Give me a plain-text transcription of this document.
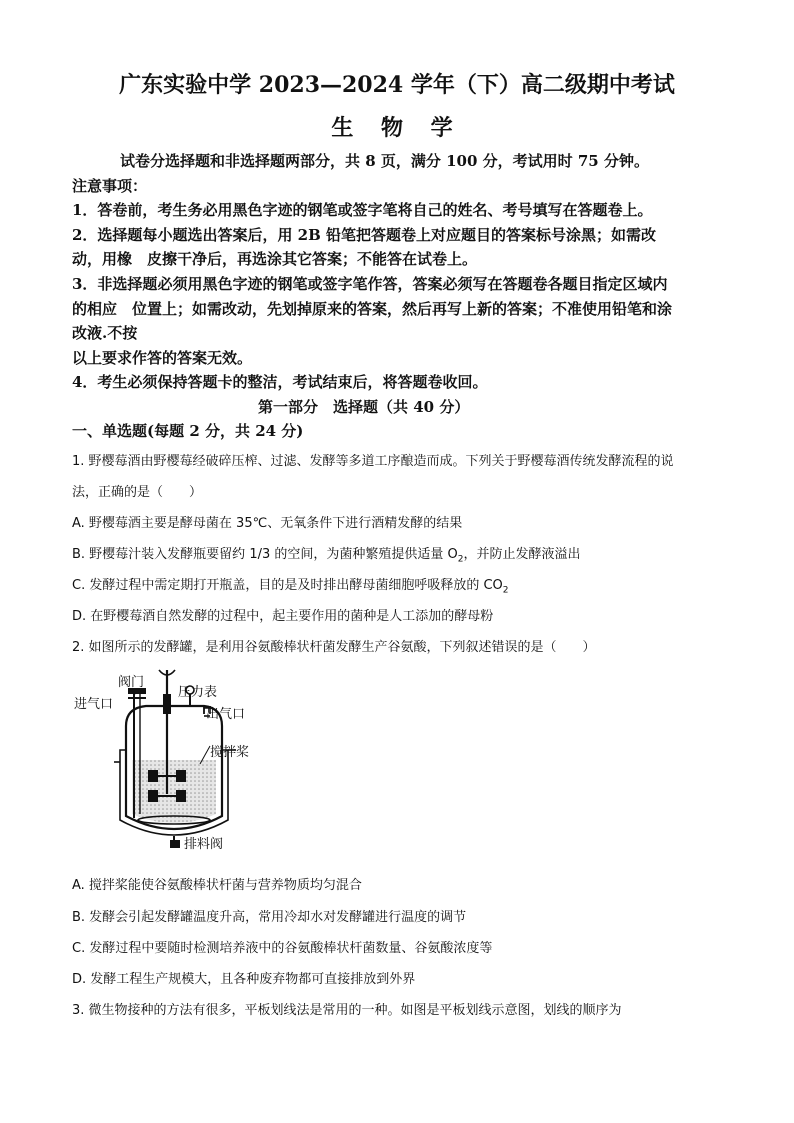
广东实验中学 2023—2024 学年（下）高二级期中考试
生 物 学
试卷分选择题和非选择题两部分，共 8 页，满分 100 分，考试用时 75 分钟。
注意事项：
1．答卷前，考生务必用黑色字迹的钢笔或签字笔将自己的姓名、考号填写在答题卷上。
2．选择题每小题选出答案后，用 2B 铅笔把答题卷上对应题目的答案标号涂黑；如需改
动，用橡　皮擦干净后，再选涂其它答案；不能答在试卷上。
3．非选择题必须用黑色字迹的钢笔或签字笔作答，答案必须写在答题卷各题目指定区域内
的相应　位置上；如需改动，先划掉原来的答案，然后再写上新的答案；不准使用铅笔和涂
改液.不按
以上要求作答的答案无效。
4．考生必须保持答题卡的整洁，考试结束后，将答题卷收回。
第一部分　选择题（共 40 分）
一、单选题(每题 2 分，共 24 分)
1. 野樱莓酒由野樱莓经破碎压榨、过滤、发酵等多道工序酿造而成。下列关于野樱莓酒传统发酵流程的说
法，正确的是（　　）
A. 野樱莓酒主要是酵母菌在 35℃、无氧条件下进行酒精发酵的结果
B. 野樱莓汁装入发酵瓶要留约 1/3 的空间，为菌种繁殖提供适量 $O_2$，并防止发酵液溢出
C. 发酵过程中需定期打开瓶盖，目的是及时排出酵母菌细胞呼吸释放的 $CO_2$
D. 在野樱莓酒自然发酵的过程中，起主要作用的菌种是人工添加的酵母粉
2. 如图所示的发酵罐，是利用谷氨酸棒状杆菌发酵生产谷氨酸，下列叙述错误的是（　　）
阀门
进气口
压力表
出气口
搅拌桨
排料阀
A. 搅拌桨能使谷氨酸棒状杆菌与营养物质均匀混合
B. 发酵会引起发酵罐温度升高，常用冷却水对发酵罐进行温度的调节
C. 发酵过程中要随时检测培养液中的谷氨酸棒状杆菌数量、谷氨酸浓度等
D. 发酵工程生产规模大，且各种废弃物都可直接排放到外界
3. 微生物接种的方法有很多，平板划线法是常用的一种。如图是平板划线示意图，划线的顺序为
